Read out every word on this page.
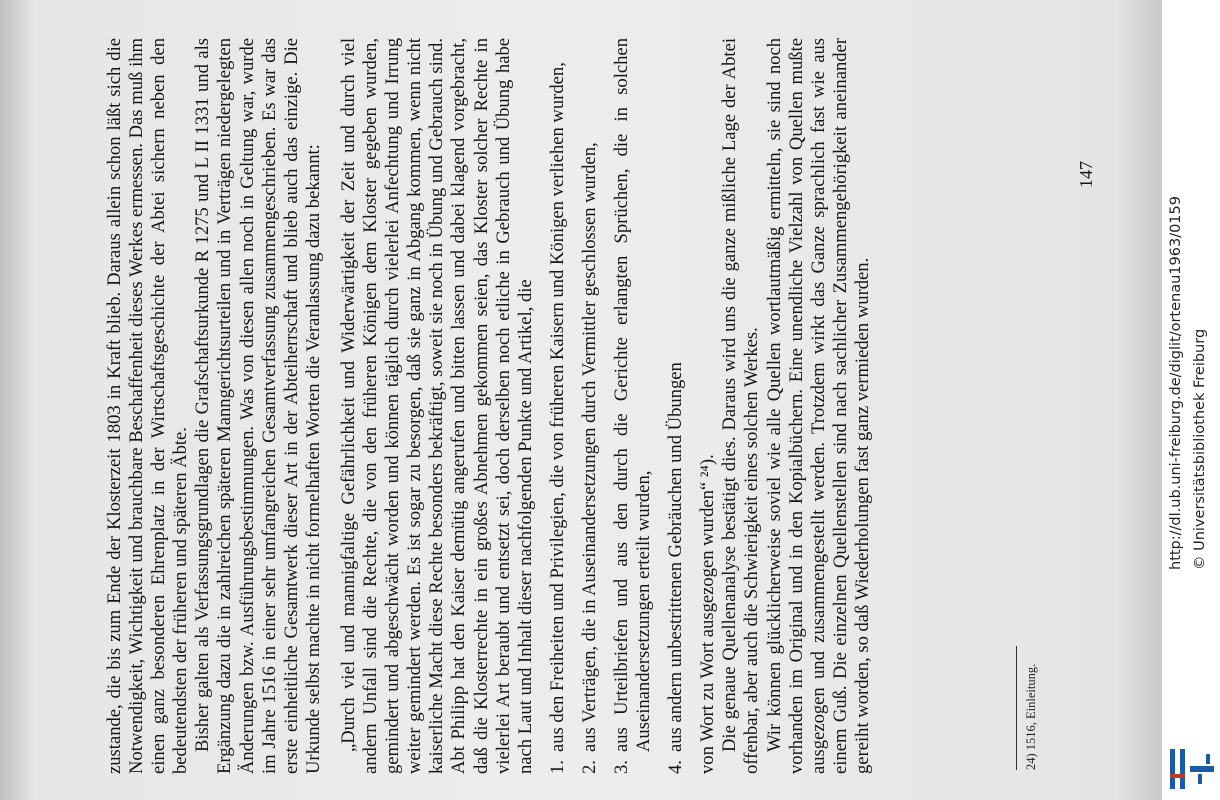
zustande, die bis zum Ende der Klosterzeit 1803 in Kraft blieb. Daraus allein schon läßt sich die Notwendigkeit, Wichtigkeit und brauchbare Beschaffenheit dieses Werkes ermessen. Das muß ihm einen ganz besonderen Ehrenplatz in der Wirtschaftsgeschichte der Abtei sichern neben den bedeutendsten der früheren und späteren Äbte. Bisher galten als Verfassungsgrundlagen die Grafschaftsurkunde R 1275 und L II 1331 und als Ergänzung dazu die in zahlreichen späteren Manngerichtsurteilen und in Verträgen niedergelegten Änderungen bzw. Ausführungsbestimmungen. Was von diesen allen noch in Geltung war, wurde im Jahre 1516 in einer sehr umfangreichen Gesamtverfassung zusammengeschrieben. Es war das erste einheitliche Gesamtwerk dieser Art in der Abteiherrschaft und blieb auch das einzige. Die Urkunde selbst machte in nicht formelhaften Worten die Veranlassung dazu bekannt: „Durch viel und mannigfaltige Gefährlichkeit und Widerwärtigkeit der Zeit und durch viel andern Unfall sind die Rechte, die von den früheren Königen dem Kloster gegeben wurden, gemindert und abgeschwächt worden und können täglich durch vielerlei Anfechtung und Irrung weiter gemindert werden. Es ist sogar zu besorgen, daß sie ganz in Abgang kommen, wenn nicht kaiserliche Macht diese Rechte besonders bekräftigt, soweit sie noch in Übung und Gebrauch sind. Abt Philipp hat den Kaiser demütig angerufen und bitten lassen und dabei klagend vorgebracht, daß die Klosterrechte in ein großes Abnehmen gekommen seien, das Kloster solcher Rechte in vielerlei Art beraubt und entsetzt sei, doch derselben noch etliche in Gebrauch und Übung habe nach Laut und Inhalt dieser nachfolgenden Punkte und Artikel, die 1.
aus den Freiheiten und Privilegien, die von früheren Kaisern und Königen verliehen wurden,
2.
aus Verträgen, die in Auseinandersetzungen durch Vermittler geschlossen wurden,
3.
aus Urteilbriefen und aus den durch die Gerichte erlangten Sprüchen, die in solchen Auseinandersetzungen erteilt wurden,
4.
aus andern unbestrittenen Gebräuchen und Übungen von Wort zu Wort ausgezogen wurden“ ²⁴). Die genaue Quellenanalyse bestätigt dies. Daraus wird uns die ganze mißliche Lage der Abtei offenbar, aber auch die Schwierigkeit eines solchen Werkes. Wir können glücklicherweise soviel wie alle Quellen wortlautmäßig ermitteln, sie sind noch vorhanden im Original und in den Kopialbüchern. Eine unendliche Vielzahl von Quellen mußte ausgezogen und zusammengestellt werden. Trotzdem wirkt das Ganze sprachlich fast wie aus einem Guß. Die einzelnen Quellenstellen sind nach sachlicher Zusammengehörigkeit aneinander gereiht worden, so daß Wiederholungen fast ganz vermieden wurden.	24) 1516, Einleitung.
147
http://dl.ub.uni-freiburg.de/diglit/ortenau1963/0159 © Universitätsbibliothek Freiburg
